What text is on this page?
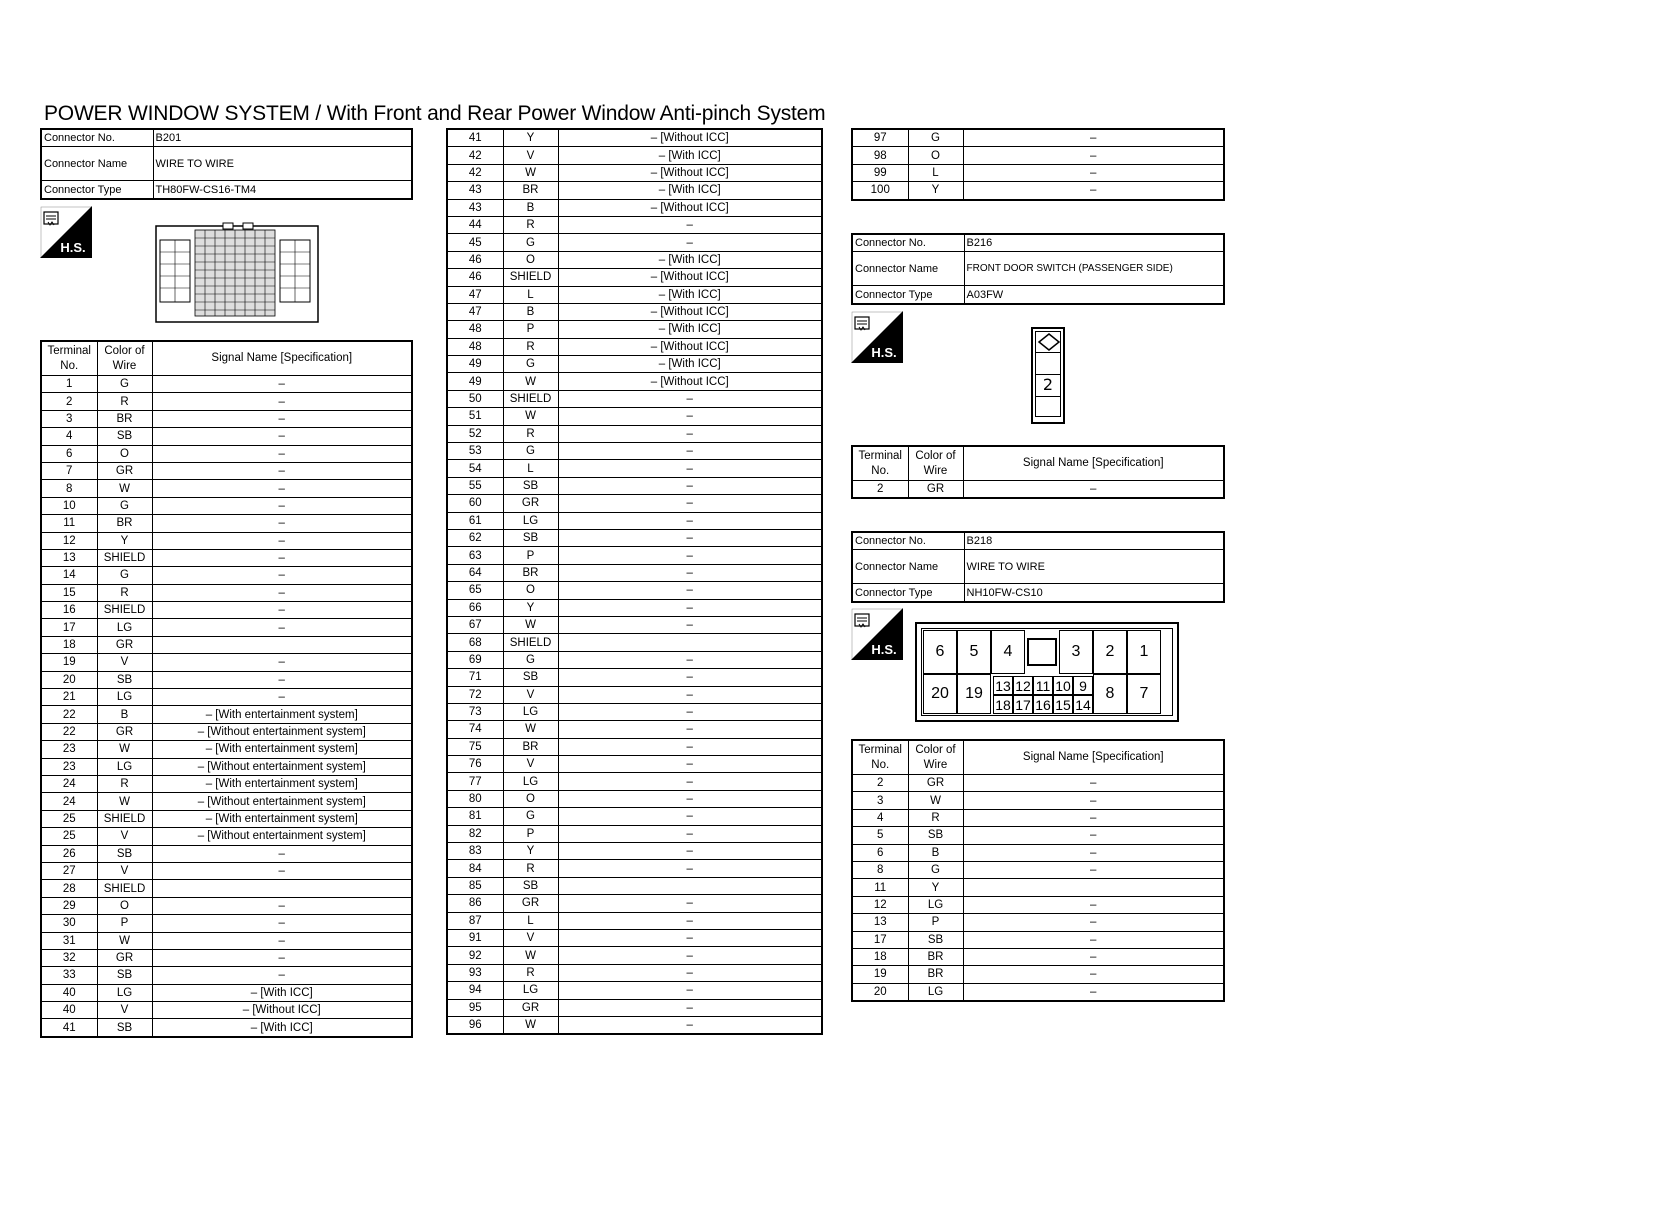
POWER WINDOW SYSTEM / With Front and Rear Power Window Anti-pinch System
Connector No.	B201
Connector Name	WIRE TO WIRE
Connector Type	TH80FW-CS16-TM4
H.S.
Terminal No.	Color of Wire	Signal Name [Specification]
1	G	–
2	R	–
3	BR	–
4	SB	–
6	O	–
7	GR	–
8	W	–
10	G	–
11	BR	–
12	Y	–
13	SHIELD	–
14	G	–
15	R	–
16	SHIELD	–
17	LG	–
18	GR	
19	V	–
20	SB	–
21	LG	–
22	B	– [With entertainment system]
22	GR	– [Without entertainment system]
23	W	– [With entertainment system]
23	LG	– [Without entertainment system]
24	R	– [With entertainment system]
24	W	– [Without entertainment system]
25	SHIELD	– [With entertainment system]
25	V	– [Without entertainment system]
26	SB	–
27	V	–
28	SHIELD	
29	O	–
30	P	–
31	W	–
32	GR	–
33	SB	–
40	LG	– [With ICC]
40	V	– [Without ICC]
41	SB	– [With ICC]
41	Y	– [Without ICC]
42	V	– [With ICC]
42	W	– [Without ICC]
43	BR	– [With ICC]
43	B	– [Without ICC]
44	R	–
45	G	–
46	O	– [With ICC]
46	SHIELD	– [Without ICC]
47	L	– [With ICC]
47	B	– [Without ICC]
48	P	– [With ICC]
48	R	– [Without ICC]
49	G	– [With ICC]
49	W	– [Without ICC]
50	SHIELD	–
51	W	–
52	R	–
53	G	–
54	L	–
55	SB	–
60	GR	–
61	LG	–
62	SB	–
63	P	–
64	BR	–
65	O	–
66	Y	–
67	W	–
68	SHIELD	
69	G	–
71	SB	–
72	V	–
73	LG	–
74	W	–
75	BR	–
76	V	–
77	LG	–
80	O	–
81	G	–
82	P	–
83	Y	–
84	R	–
85	SB	
86	GR	–
87	L	–
91	V	–
92	W	–
93	R	–
94	LG	–
95	GR	–
96	W	–
97	G	–
98	O	–
99	L	–
100	Y	–
Connector No.	B216
Connector Name	FRONT DOOR SWITCH (PASSENGER SIDE)
Connector Type	A03FW
H.S.
2
Terminal No.	Color of Wire	Signal Name [Specification]
2	GR	–
Connector No.	B218
Connector Name	WIRE TO WIRE
Connector Type	NH10FW-CS10
H.S.	6	5	4	3	2	1
20	19	8	7
13 12 11 10 9
18 17 16 15 14
Terminal No.	Color of Wire	Signal Name [Specification]
2	GR	–
3	W	–
4	R	–
5	SB	–
6	B	–
8	G	–
11	Y	
12	LG	–
13	P	–
17	SB	–
18	BR	–
19	BR	–
20	LG	–
